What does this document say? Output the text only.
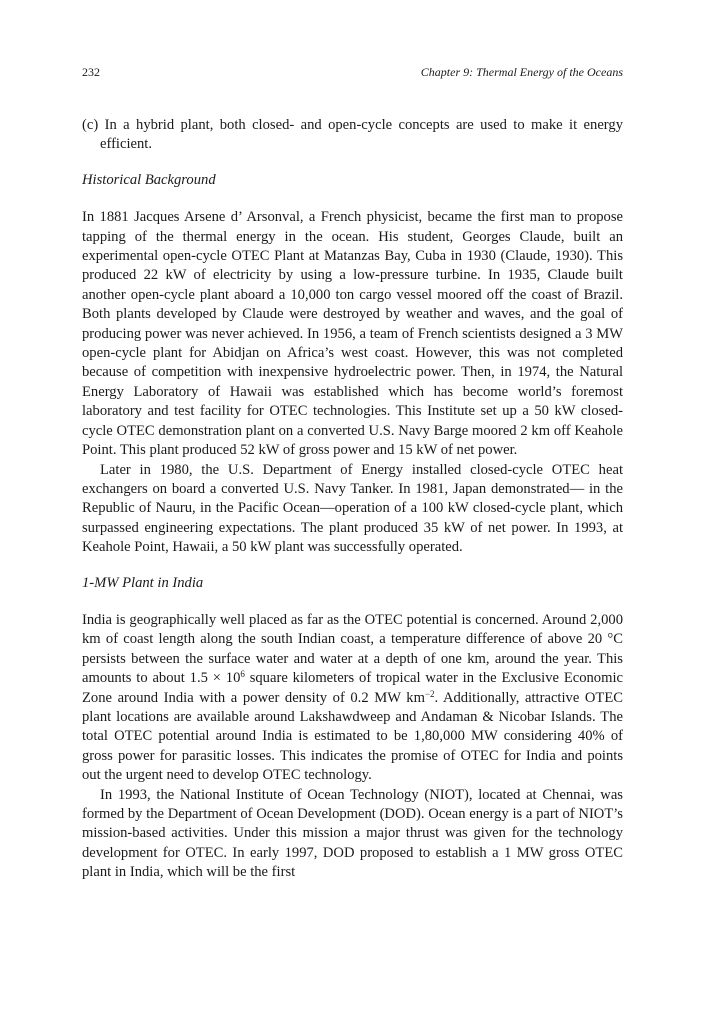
232	Chapter 9: Thermal Energy of the Oceans

(c) In a hybrid plant, both closed- and open-cycle concepts are used to make it energy efficient.

Historical Background

In 1881 Jacques Arsene d’ Arsonval, a French physicist, became the first man to propose tapping of the thermal energy in the ocean. His student, Georges Claude, built an experimental open-cycle OTEC Plant at Matanzas Bay, Cuba in 1930 (Claude, 1930). This produced 22 kW of electricity by using a low-pressure turbine. In 1935, Claude built another open-cycle plant aboard a 10,000 ton cargo vessel moored off the coast of Brazil. Both plants developed by Claude were destroyed by weather and waves, and the goal of producing power was never achieved. In 1956, a team of French scientists designed a 3 MW open-cycle plant for Abidjan on Africa’s west coast. However, this was not completed because of competition with inexpensive hydroelectric power. Then, in 1974, the Natural Energy Laboratory of Hawaii was established which has become world’s foremost laboratory and test facility for OTEC technologies. This Institute set up a 50 kW closed-cycle OTEC demonstration plant on a converted U.S. Navy Barge moored 2 km off Keahole Point. This plant produced 52 kW of gross power and 15 kW of net power.

Later in 1980, the U.S. Department of Energy installed closed-cycle OTEC heat exchangers on board a converted U.S. Navy Tanker. In 1981, Japan demonstrated— in the Republic of Nauru, in the Pacific Ocean—operation of a 100 kW closed-cycle plant, which surpassed engineering expectations. The plant produced 35 kW of net power. In 1993, at Keahole Point, Hawaii, a 50 kW plant was successfully operated.

1-MW Plant in India

India is geographically well placed as far as the OTEC potential is concerned. Around 2,000 km of coast length along the south Indian coast, a temperature difference of above 20 °C persists between the surface water and water at a depth of one km, around the year. This amounts to about $1.5 \times 10^6$ square kilometers of tropical water in the Exclusive Economic Zone around India with a power density of 0.2 MW $km^{-2}$. Additionally, attractive OTEC plant locations are available around Lakshawdweep and Andaman & Nicobar Islands. The total OTEC potential around India is estimated to be 1,80,000 MW considering 40% of gross power for parasitic losses. This indicates the promise of OTEC for India and points out the urgent need to develop OTEC technology.

In 1993, the National Institute of Ocean Technology (NIOT), located at Chennai, was formed by the Department of Ocean Development (DOD). Ocean energy is a part of NIOT’s mission-based activities. Under this mission a major thrust was given for the technology development for OTEC. In early 1997, DOD proposed to establish a 1 MW gross OTEC plant in India, which will be the first
